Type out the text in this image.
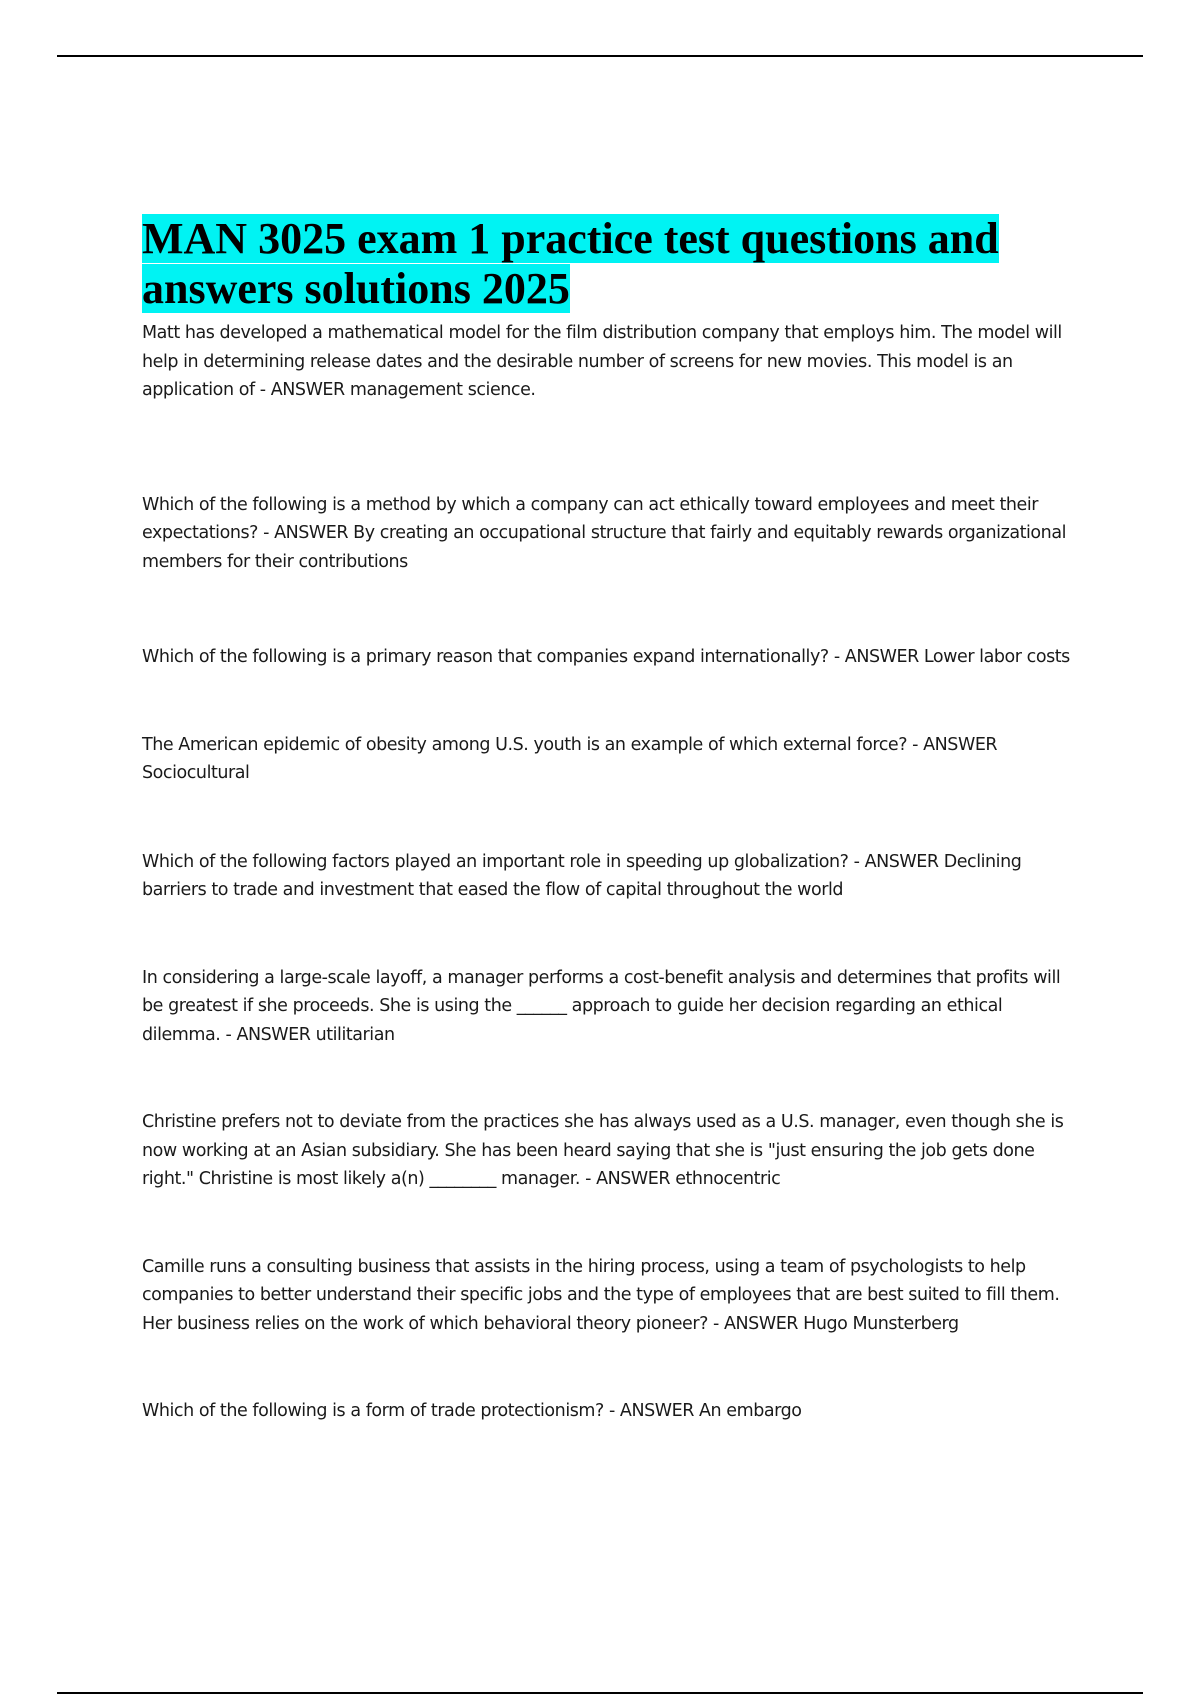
MAN 3025 exam 1 practice test questions and answers solutions 2025

Matt has developed a mathematical model for the film distribution company that employs him. The model will help in determining release dates and the desirable number of screens for new movies. This model is an application of - ANSWER management science.

Which of the following is a method by which a company can act ethically toward employees and meet their expectations? - ANSWER By creating an occupational structure that fairly and equitably rewards organizational members for their contributions

Which of the following is a primary reason that companies expand internationally? - ANSWER Lower labor costs

The American epidemic of obesity among U.S. youth is an example of which external force? - ANSWER Sociocultural

Which of the following factors played an important role in speeding up globalization? - ANSWER Declining barriers to trade and investment that eased the flow of capital throughout the world

In considering a large-scale layoff, a manager performs a cost-benefit analysis and determines that profits will be greatest if she proceeds. She is using the ______ approach to guide her decision regarding an ethical dilemma. - ANSWER utilitarian

Christine prefers not to deviate from the practices she has always used as a U.S. manager, even though she is now working at an Asian subsidiary. She has been heard saying that she is "just ensuring the job gets done right." Christine is most likely a(n) ________ manager. - ANSWER ethnocentric

Camille runs a consulting business that assists in the hiring process, using a team of psychologists to help companies to better understand their specific jobs and the type of employees that are best suited to fill them. Her business relies on the work of which behavioral theory pioneer? - ANSWER Hugo Munsterberg

Which of the following is a form of trade protectionism? - ANSWER An embargo
